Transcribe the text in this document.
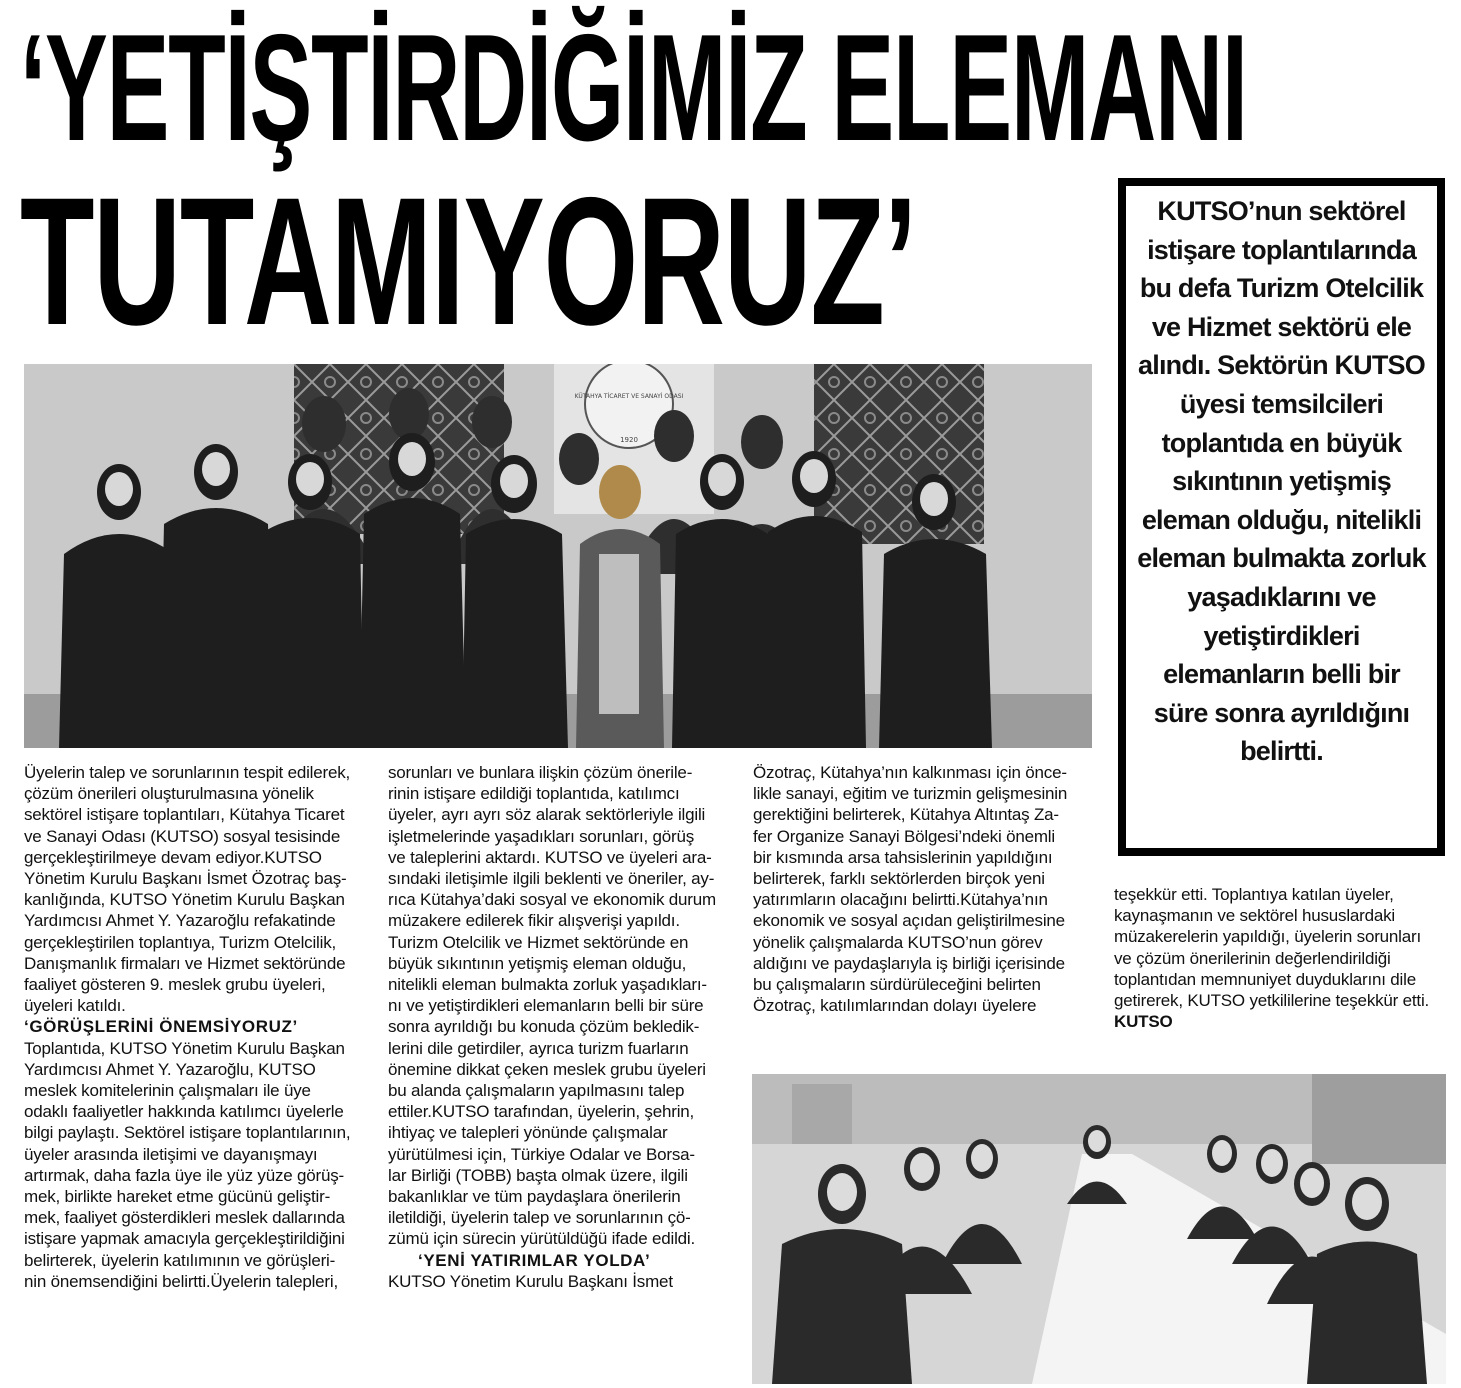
‘YETİŞTİRDİĞİMİZ ELEMANI
TUTAMIYORUZ’	KUTSO’nun sektörel istişare toplantılarında bu defa Turizm Otelcilik ve Hizmet sektörü ele alındı. Sektörün KUTSO üyesi temsilcileri toplantıda en büyük sıkıntının yetişmiş eleman olduğu, nitelikli eleman bulmakta zorluk yaşadıklarını ve yetiştirdikleri elemanların belli bir süre sonra ayrıldığını belirtti.

KÜTAHYA TİCARET VE SANAYİ ODASI
1920

Üyelerin talep ve sorunlarının tespit edilerek,
çözüm önerileri oluşturulmasına yönelik
sektörel istişare toplantıları, Kütahya Ticaret
ve Sanayi Odası (KUTSO) sosyal tesisinde
gerçekleştirilmeye devam ediyor.KUTSO
Yönetim Kurulu Başkanı İsmet Özotraç baş-
kanlığında, KUTSO Yönetim Kurulu Başkan
Yardımcısı Ahmet Y. Yazaroğlu refakatinde
gerçekleştirilen toplantıya, Turizm Otelcilik,
Danışmanlık firmaları ve Hizmet sektöründe
faaliyet gösteren 9. meslek grubu üyeleri,
üyeleri katıldı.

‘GÖRÜŞLERİNİ ÖNEMSİYORUZ’

Toplantıda, KUTSO Yönetim Kurulu Başkan
Yardımcısı Ahmet Y. Yazaroğlu, KUTSO
meslek komitelerinin çalışmaları ile üye
odaklı faaliyetler hakkında katılımcı üyelerle
bilgi paylaştı. Sektörel istişare toplantılarının,
üyeler arasında iletişimi ve dayanışmayı
artırmak, daha fazla üye ile yüz yüze görüş-
mek, birlikte hareket etme gücünü geliştir-
mek, faaliyet gösterdikleri meslek dallarında
istişare yapmak amacıyla gerçekleştirildiğini
belirterek, üyelerin katılımının ve görüşleri-
nin önemsendiğini belirtti.Üyelerin talepleri,

sorunları ve bunlara ilişkin çözüm önerile-
rinin istişare edildiği toplantıda, katılımcı
üyeler, ayrı ayrı söz alarak sektörleriyle ilgili
işletmelerinde yaşadıkları sorunları, görüş
ve taleplerini aktardı. KUTSO ve üyeleri ara-
sındaki iletişimle ilgili beklenti ve öneriler, ay-
rıca Kütahya’daki sosyal ve ekonomik durum
müzakere edilerek fikir alışverişi yapıldı.
Turizm Otelcilik ve Hizmet sektöründe en
büyük sıkıntının yetişmiş eleman olduğu,
nitelikli eleman bulmakta zorluk yaşadıkları-
nı ve yetiştirdikleri elemanların belli bir süre
sonra ayrıldığı bu konuda çözüm bekledik-
lerini dile getirdiler, ayrıca turizm fuarların
önemine dikkat çeken meslek grubu üyeleri
bu alanda çalışmaların yapılmasını talep
ettiler.KUTSO tarafından, üyelerin, şehrin,
ihtiyaç ve talepleri yönünde çalışmalar
yürütülmesi için, Türkiye Odalar ve Borsa-
lar Birliği (TOBB) başta olmak üzere, ilgili
bakanlıklar ve tüm paydaşlara önerilerin
iletildiği, üyelerin talep ve sorunlarının çö-
zümü için sürecin yürütüldüğü ifade edildi.

‘YENİ YATIRIMLAR YOLDA’

KUTSO Yönetim Kurulu Başkanı İsmet

Özotraç, Kütahya’nın kalkınması için önce-
likle sanayi, eğitim ve turizmin gelişmesinin
gerektiğini belirterek, Kütahya Altıntaş Za-
fer Organize Sanayi Bölgesi’ndeki önemli
bir kısmında arsa tahsislerinin yapıldığını
belirterek, farklı sektörlerden birçok yeni
yatırımların olacağını belirtti.Kütahya’nın
ekonomik ve sosyal açıdan geliştirilmesine
yönelik çalışmalarda KUTSO’nun görev
aldığını ve paydaşlarıyla iş birliği içerisinde
bu çalışmaların sürdürüleceğini belirten
Özotraç, katılımlarından dolayı üyelere

teşekkür etti. Toplantıya katılan üyeler,
kaynaşmanın ve sektörel hususlardaki
müzakerelerin yapıldığı, üyelerin sorunları
ve çözüm önerilerinin değerlendirildiği
toplantıdan memnuniyet duyduklarını dile
getirerek, KUTSO yetkililerine teşekkür etti.

KUTSO
